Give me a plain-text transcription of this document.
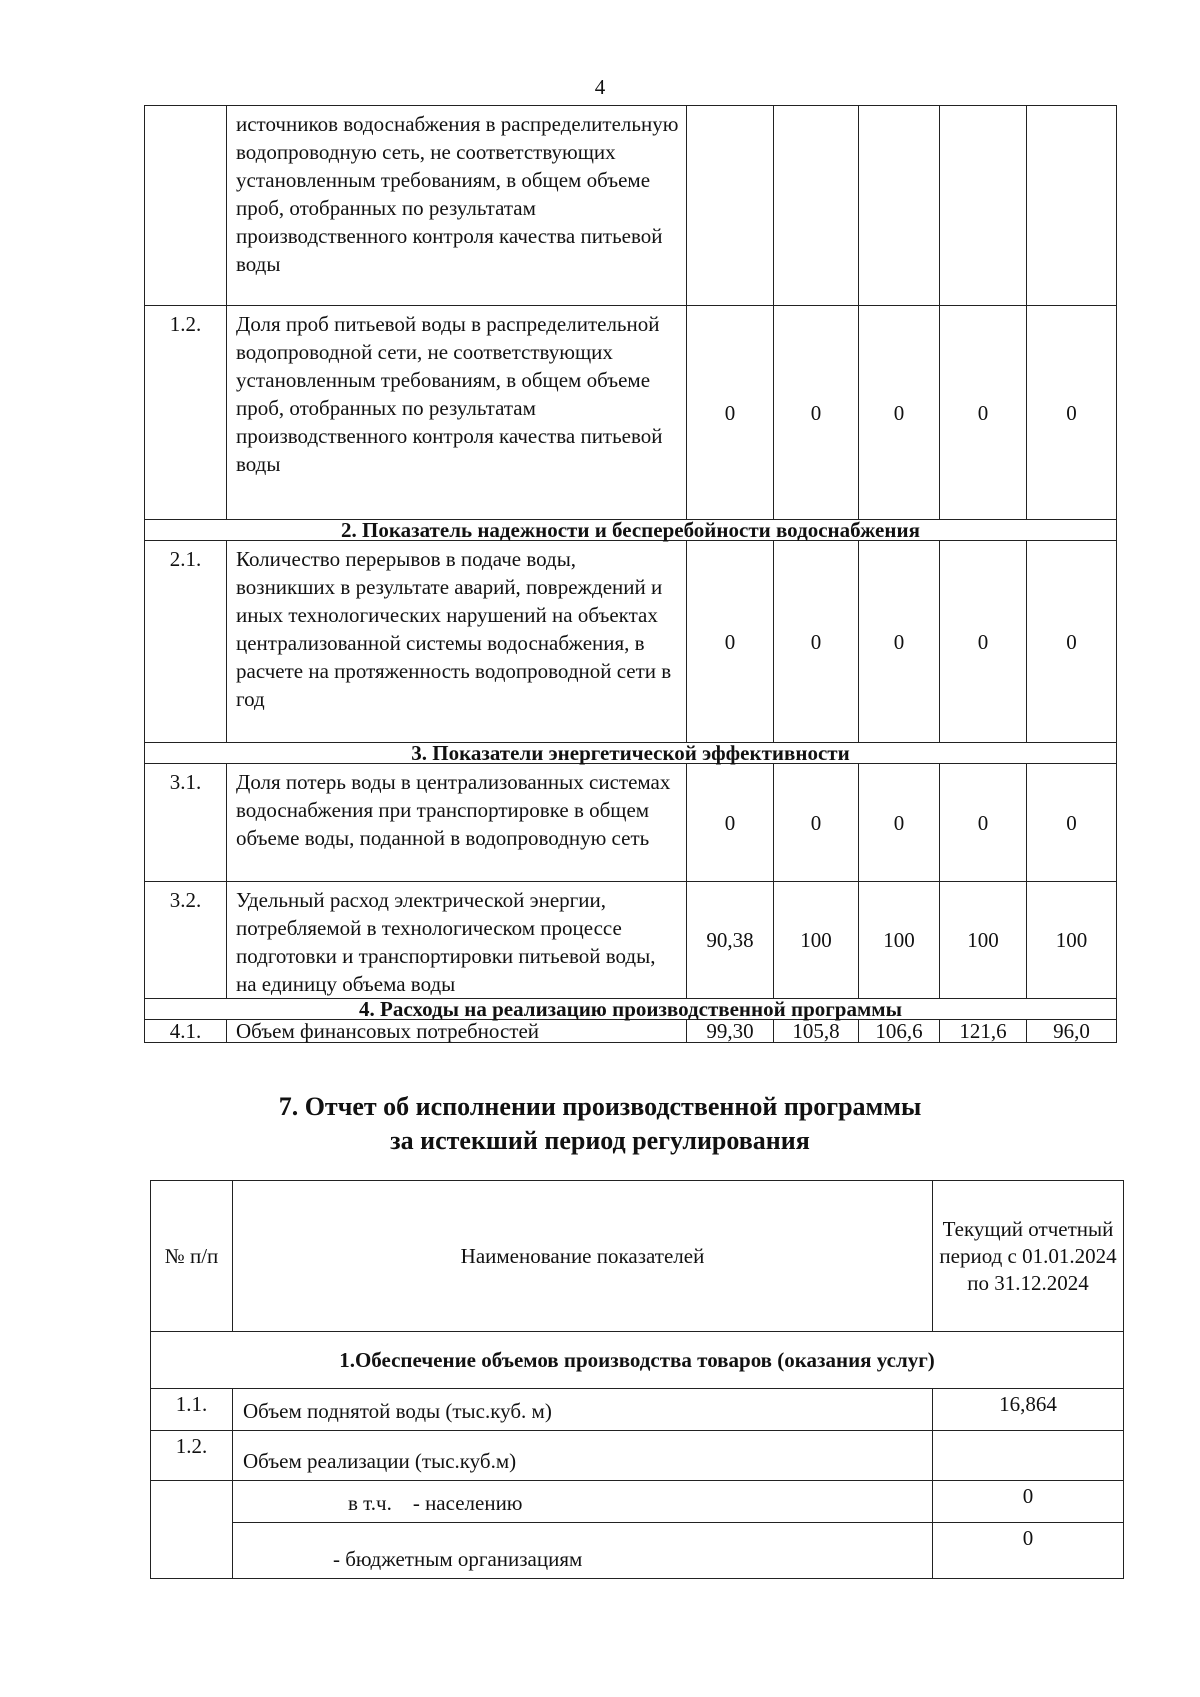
4
	источников водоснабжения в распределительную водопроводную сеть, не соответствующих установленным требованиям, в общем объеме проб, отобранных по результатам производственного контроля качества питьевой воды					
1.2.	Доля проб питьевой воды в распределительной водопроводной сети, не соответствующих установленным требованиям, в общем объеме проб, отобранных по результатам производственного контроля качества питьевой воды	0	0	0	0	0
2. Показатель надежности и бесперебойности водоснабжения						
2.1.	Количество перерывов в подаче воды, возникших в результате аварий, повреждений и иных технологических нарушений на объектах централизованной системы водоснабжения, в расчете на протяженность водопроводной сети в год	0	0	0	0	0
3. Показатели энергетической эффективности						
3.1.	Доля потерь воды в централизованных системах водоснабжения при транспортировке в общем объеме воды, поданной в водопроводную сеть	0	0	0	0	0
3.2.	Удельный расход электрической энергии, потребляемой в технологическом процессе подготовки и транспортировки питьевой воды, на единицу объема воды	90,38	100	100	100	100
4. Расходы на реализацию производственной программы						
4.1.	Объем финансовых потребностей	99,30	105,8	106,6	121,6	96,0
7. Отчет об исполнении производственной программы
за истекший период регулирования
№ п/п	Наименование показателей	Текущий отчетный период с 01.01.2024 по 31.12.2024
1.Обеспечение объемов производства товаров (оказания услуг)		
1.1.	Объем поднятой воды (тыс.куб. м)	16,864
1.2.	Объем реализации (тыс.куб.м)	
	в т.ч. - населению	0
	- бюджетным организациям	0
